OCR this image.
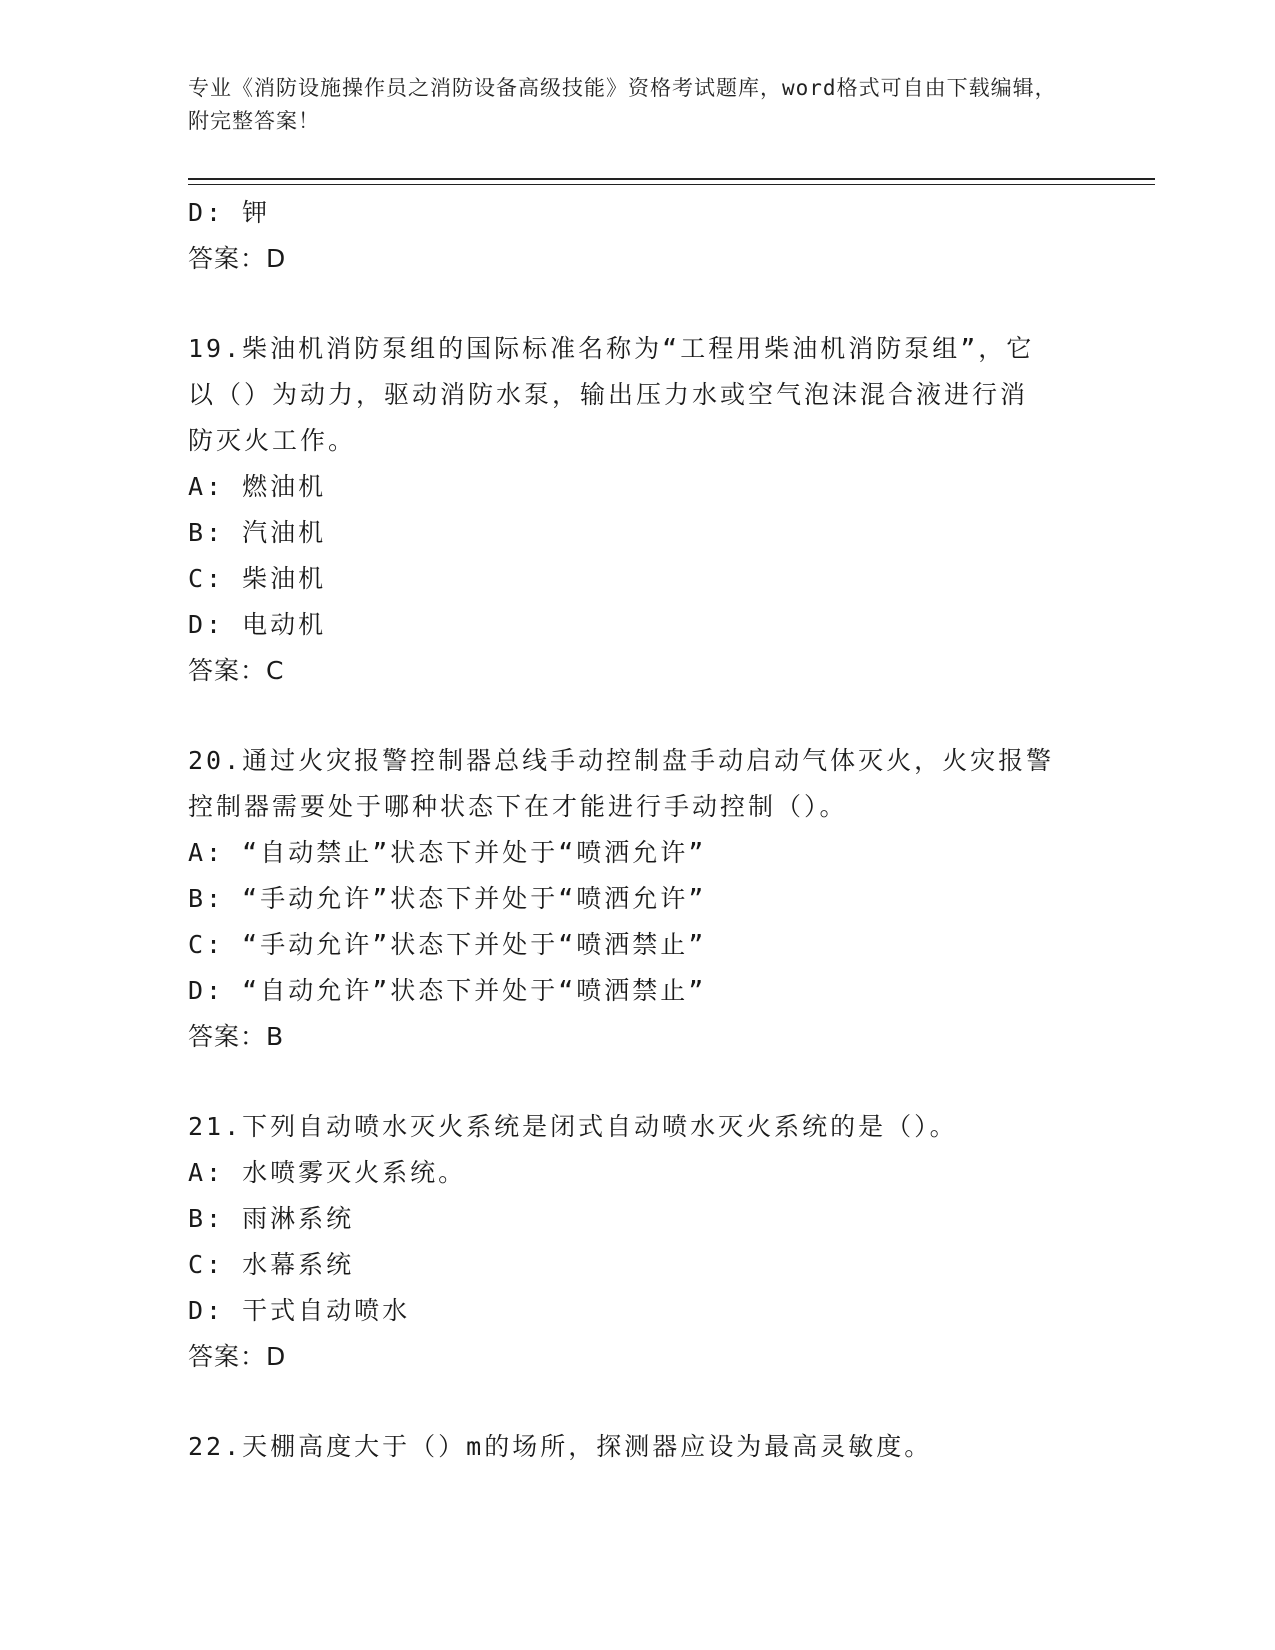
专业《消防设施操作员之消防设备高级技能》资格考试题库，word格式可自由下载编辑，附完整答案！
D: 钾
答案：D
19.柴油机消防泵组的国际标准名称为“工程用柴油机消防泵组”，它
以（）为动力，驱动消防水泵，输出压力水或空气泡沫混合液进行消
防灭火工作。
A: 燃油机
B: 汽油机
C: 柴油机
D: 电动机
答案：C
20.通过火灾报警控制器总线手动控制盘手动启动气体灭火，火灾报警
控制器需要处于哪种状态下在才能进行手动控制（）。
A: “自动禁止”状态下并处于“喷洒允许”
B: “手动允许”状态下并处于“喷洒允许”
C: “手动允许”状态下并处于“喷洒禁止”
D: “自动允许”状态下并处于“喷洒禁止”
答案：B
21.下列自动喷水灭火系统是闭式自动喷水灭火系统的是（）。
A: 水喷雾灭火系统。
B: 雨淋系统
C: 水幕系统
D: 干式自动喷水
答案：D
22.天棚高度大于（）m的场所，探测器应设为最高灵敏度。
